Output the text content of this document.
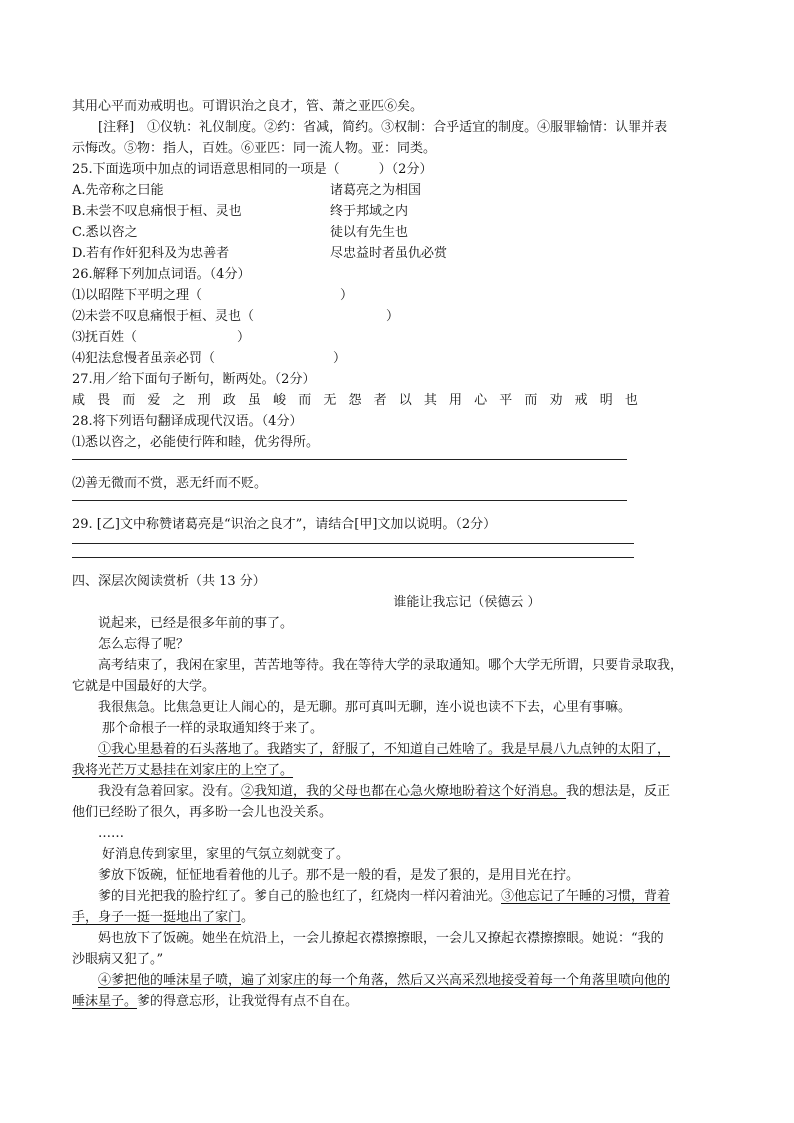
其用心平而劝戒明也。可谓识治之良才，管、萧之亚匹⑥矣。
[注释]　①仪轨：礼仪制度。②约：省减，简约。③权制：合乎适宜的制度。④服罪输情：认罪并表
示悔改。⑤物：指人，百姓。⑥亚匹：同一流人物。亚：同类。
25.下面选项中加点的词语意思相同的一项是（　　　）（2分）
A.先帝称之曰能	诸葛亮之为相国
B.未尝不叹息痛恨于桓、灵也	终于邦域之内
C.悉以咨之	徒以有先生也
D.若有作奸犯科及为忠善者	尽忠益时者虽仇必赏
26.解释下列加点词语。（4分）
⑴以昭陛下平明之理（	）
⑵未尝不叹息痛恨于桓、灵也（	）
⑶抚百姓（	）
⑷犯法怠慢者虽亲必罚（	）
27.用／给下面句子断句，断两处。（2分）
咸 畏 而 爱 之 刑 政 虽 峻 而 无 怨 者 以 其 用 心 平 而 劝 戒 明 也
28.将下列语句翻译成现代汉语。（4分）
⑴悉以咨之，必能使行阵和睦，优劣得所。
⑵善无微而不赏，恶无纤而不贬。
29. [乙]文中称赞诸葛亮是“识治之良才”，请结合[甲]文加以说明。（2分）
四、深层次阅读赏析（共 13 分）
谁能让我忘记（侯德云 ）
说起来，已经是很多年前的事了。
怎么忘得了呢？
高考结束了，我闲在家里，苦苦地等待。我在等待大学的录取通知。哪个大学无所谓，只要肯录取我，
它就是中国最好的大学。
我很焦急。比焦急更让人闹心的，是无聊。那可真叫无聊，连小说也读不下去，心里有事嘛。
那个命根子一样的录取通知终于来了。
①我心里悬着的石头落地了。我踏实了，舒服了，不知道自己姓啥了。我是早晨八九点钟的太阳了，
我将光芒万丈悬挂在刘家庄的上空了。
我没有急着回家。没有。②我知道，我的父母也都在心急火燎地盼着这个好消息。我的想法是，反正
他们已经盼了很久，再多盼一会儿也没关系。
……
好消息传到家里，家里的气氛立刻就变了。
爹放下饭碗，怔怔地看着他的儿子。那不是一般的看，是发了狠的，是用目光在拧。
爹的目光把我的脸拧红了。爹自己的脸也红了，红烧肉一样闪着油光。③他忘记了午睡的习惯，背着
手，身子一挺一挺地出了家门。
妈也放下了饭碗。她坐在炕沿上，一会儿撩起衣襟擦擦眼，一会儿又撩起衣襟擦擦眼。她说：“我的
沙眼病又犯了。”
④爹把他的唾沫星子喷，遍了刘家庄的每一个角落，然后又兴高采烈地接受着每一个角落里喷向他的
唾沫星子。爹的得意忘形，让我觉得有点不自在。
